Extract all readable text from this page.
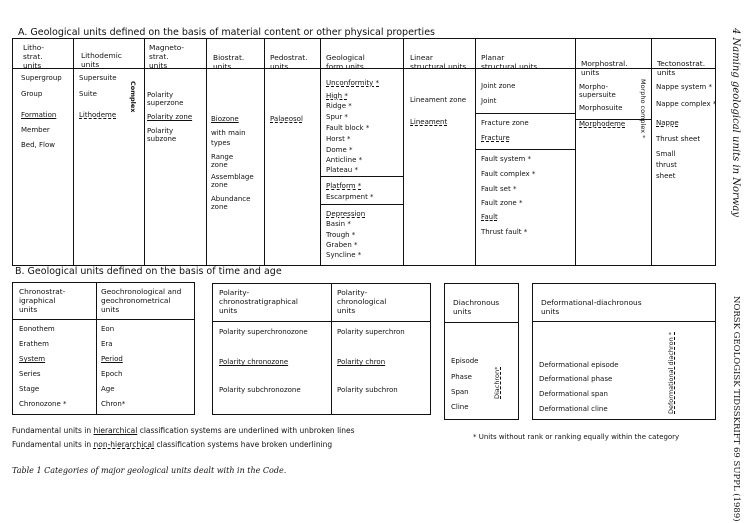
4 Naming geological units in Norway
NORSK GEOLOGISK TIDSSKRIFT 69 SUPPL (1989)
A. Geological units defined on the basis of material content or other physical properties
Litho-
strat.
units
Supergroup
Group
Formation
Member
Bed, Flow
Lithodemic
units
Supersuite
Suite
Lithodeme
Complex
Magneto-
strat.
units
Polarity
superzone
Polarity zone
Polarity
subzone
Biostrat.
units
Biozone
with main
types
Range
zone
Assemblage
zone
Abundance
zone
Pedostrat.
units
Palaeosol
Geological
form units
Unconformity *
High *
Ridge *
Spur *
Fault block *
Horst *
Dome *
Anticline *
Plateau *
Platform *
Escarpment *
Depression
Basin *
Trough *
Graben *
Syncline *
Linear
structural units
Lineament zone
Lineament
Planar
structural units
Joint zone
Joint
Fracture zone
Fracture
Fault system *
Fault complex *
Fault set *
Fault zone *
Fault
Thrust fault *
Morphostral.
units
Morpho-
supersuite
Morphosuite
Morphodeme Morpho complex *
Tectonostrat.
units
Nappe system *
Nappe complex *
Nappe
Thrust sheet
Small
thrust
sheet
B. Geological units defined on the basis of time and age
Chronostrat-
igraphical
units
Geochronological and
geochronometrical
units
Eonothem
Erathem
System
Series
Stage
Chronozone *
Eon
Era
Period
Epoch
Age
Chron*
Polarity-
chronostratigraphical
units
Polarity-
chronological
units
Polarity superchronozone
Polarity chronozone
Polarity subchronozone
Polarity superchron
Polarity chron
Polarity subchron
Diachronous
units
Episode
Phase
Span
Cline
Diachron*
Deformational-diachronous
units
Deformational episode
Deformational phase
Deformational span
Deformational cline	Deformational diachron *
Fundamental units in hierarchical classification systems are underlined with unbroken lines
Fundamental units in non-hierarchical classification systems have broken underlining
* Units without rank or ranking equally within the category
Table 1 Categories of major geological units dealt with in the Code.
